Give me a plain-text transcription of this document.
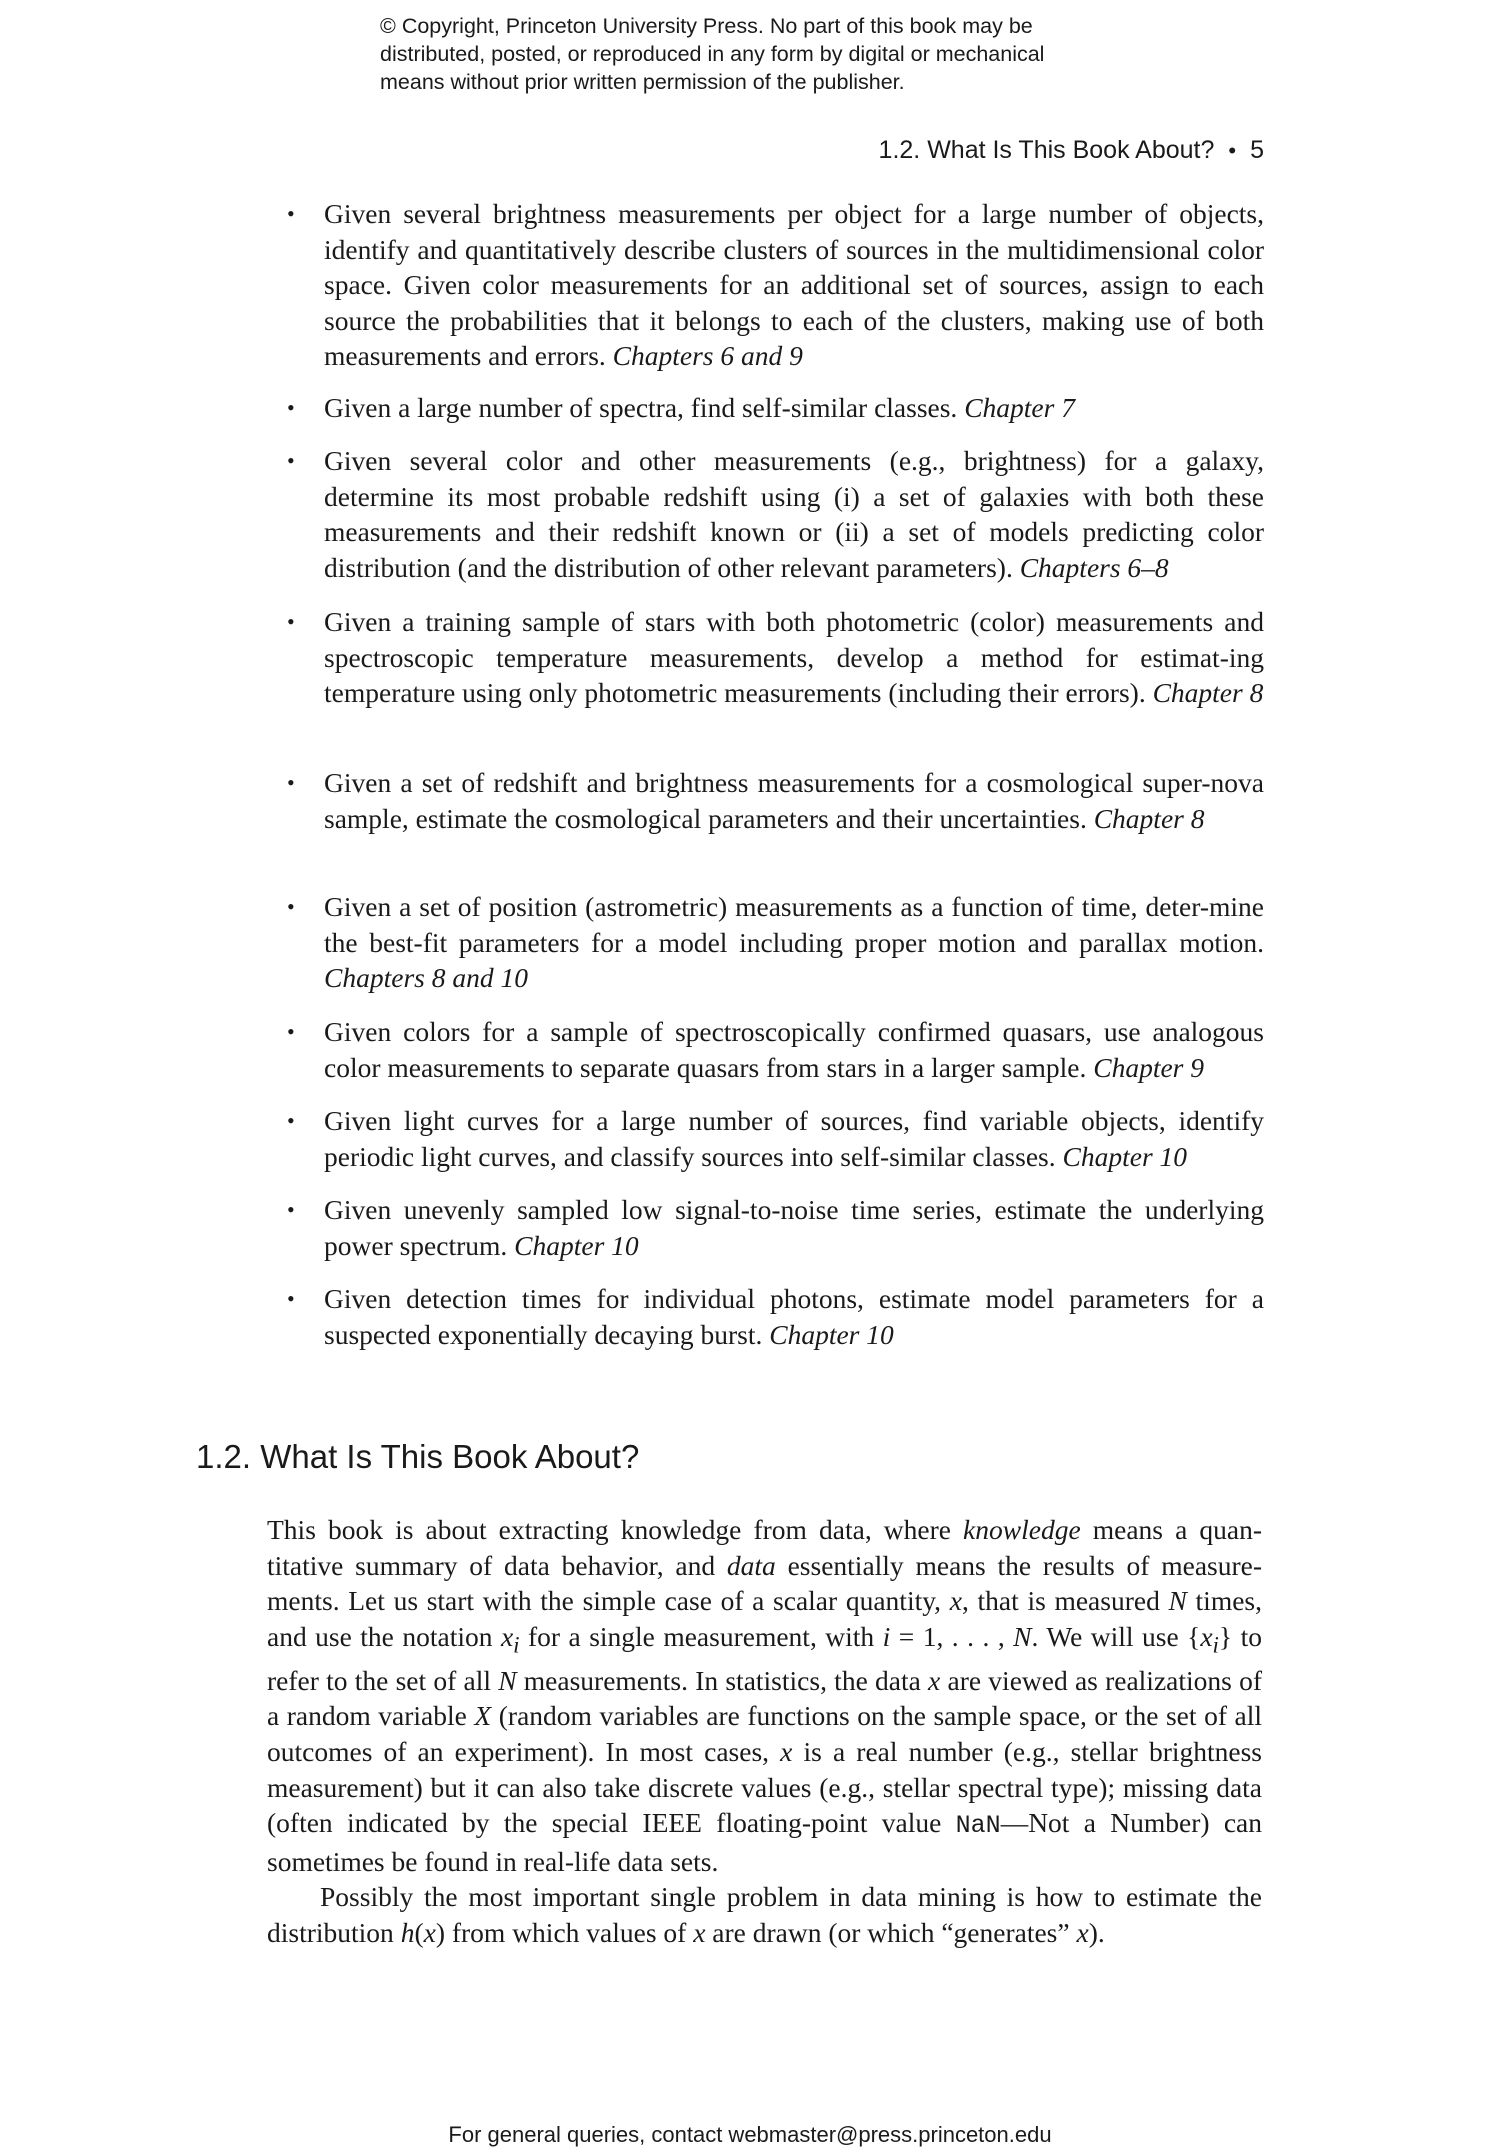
© Copyright, Princeton University Press. No part of this book may be
distributed, posted, or reproduced in any form by digital or mechanical
means without prior written permission of the publisher.
1.2. What Is This Book About? • 5
• Given several brightness measurements per object for a large number of objects, identify and quantitatively describe clusters of sources in the multidimensional color space. Given color measurements for an additional set of sources, assign to each source the probabilities that it belongs to each of the clusters, making use of both measurements and errors. Chapters 6 and 9
• Given a large number of spectra, find self-similar classes. Chapter 7
• Given several color and other measurements (e.g., brightness) for a galaxy, determine its most probable redshift using (i) a set of galaxies with both these measurements and their redshift known or (ii) a set of models predicting color distribution (and the distribution of other relevant parameters). Chapters 6–8
• Given a training sample of stars with both photometric (color) measurements and spectroscopic temperature measurements, develop a method for estimat-ing temperature using only photometric measurements (including their errors). Chapter 8
• Given a set of redshift and brightness measurements for a cosmological super-nova sample, estimate the cosmological parameters and their uncertainties. Chapter 8
• Given a set of position (astrometric) measurements as a function of time, deter-mine the best-fit parameters for a model including proper motion and parallax motion. Chapters 8 and 10
• Given colors for a sample of spectroscopically confirmed quasars, use analogous color measurements to separate quasars from stars in a larger sample. Chapter 9
• Given light curves for a large number of sources, find variable objects, identify periodic light curves, and classify sources into self-similar classes. Chapter 10
• Given unevenly sampled low signal-to-noise time series, estimate the underlying power spectrum. Chapter 10
• Given detection times for individual photons, estimate model parameters for a suspected exponentially decaying burst. Chapter 10
1.2. What Is This Book About?

This book is about extracting knowledge from data, where knowledge means a quan-titative summary of data behavior, and data essentially means the results of measure-ments. Let us start with the simple case of a scalar quantity, x, that is measured N times, and use the notation $x_i$ for a single measurement, with i = 1, . . . , N. We will use $\{x_i\}$ to refer to the set of all N measurements. In statistics, the data x are viewed as realizations of a random variable X (random variables are functions on the sample space, or the set of all outcomes of an experiment). In most cases, x is a real number (e.g., stellar brightness measurement) but it can also take discrete values (e.g., stellar spectral type); missing data (often indicated by the special IEEE floating-point value NaN—Not a Number) can sometimes be found in real-life data sets.

Possibly the most important single problem in data mining is how to estimate the distribution h(x) from which values of x are drawn (or which “generates” x).

For general queries, contact webmaster@press.princeton.edu
